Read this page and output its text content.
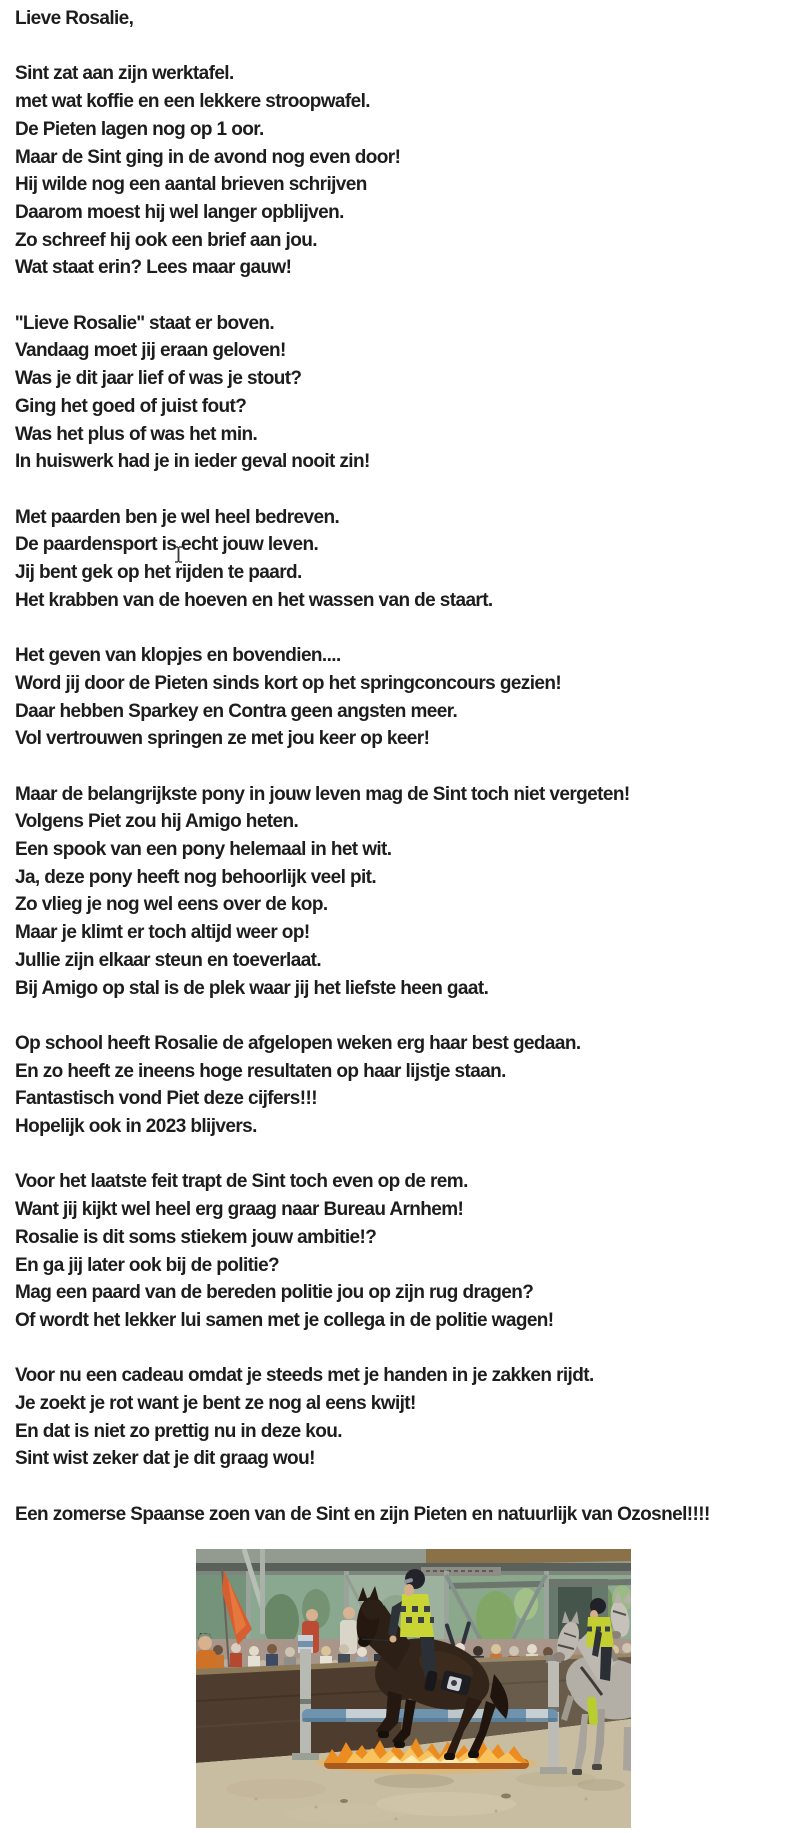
Lieve Rosalie,

Sint zat aan zijn werktafel.
met wat koffie en een lekkere stroopwafel.
De Pieten lagen nog op 1 oor.
Maar de Sint ging in de avond nog even door!
Hij wilde nog een aantal brieven schrijven
Daarom moest hij wel langer opblijven.
Zo schreef hij ook een brief aan jou.
Wat staat erin? Lees maar gauw!

''Lieve Rosalie'' staat er boven.
Vandaag moet jij eraan geloven!
Was je dit jaar lief of was je stout?
Ging het goed of juist fout?
Was het plus of was het min.
In huiswerk had je in ieder geval nooit zin!

Met paarden ben je wel heel bedreven.
De paardensport is echt jouw leven.
Jij bent gek op het rijden te paard.
Het krabben van de hoeven en het wassen van de staart.

Het geven van klopjes en bovendien....
Word jij door de Pieten sinds kort op het springconcours gezien!
Daar hebben Sparkey en Contra geen angsten meer.
Vol vertrouwen springen ze met jou keer op keer!

Maar de belangrijkste pony in jouw leven mag de Sint toch niet vergeten!
Volgens Piet zou hij Amigo heten.
Een spook van een pony helemaal in het wit.
Ja, deze pony heeft nog behoorlijk veel pit.
Zo vlieg je nog wel eens over de kop.
Maar je klimt er toch altijd weer op!
Jullie zijn elkaar steun en toeverlaat.
Bij Amigo op stal is de plek waar jij het liefste heen gaat.

Op school heeft Rosalie de afgelopen weken erg haar best gedaan.
En zo heeft ze ineens hoge resultaten op haar lijstje staan.
Fantastisch vond Piet deze cijfers!!!
Hopelijk ook in 2023 blijvers.

Voor het laatste feit trapt de Sint toch even op de rem.
Want jij kijkt wel heel erg graag naar Bureau Arnhem!
Rosalie is dit soms stiekem jouw ambitie!?
En ga jij later ook bij de politie?
Mag een paard van de bereden politie jou op zijn rug dragen?
Of wordt het lekker lui samen met je collega in de politie wagen!

Voor nu een cadeau omdat je steeds met je handen in je zakken rijdt.
Je zoekt je rot want je bent ze nog al eens kwijt!
En dat is niet zo prettig nu in deze kou.
Sint wist zeker dat je dit graag wou!

Een zomerse Spaanse zoen van de Sint en zijn Pieten en natuurlijk van Ozosnel!!!!
